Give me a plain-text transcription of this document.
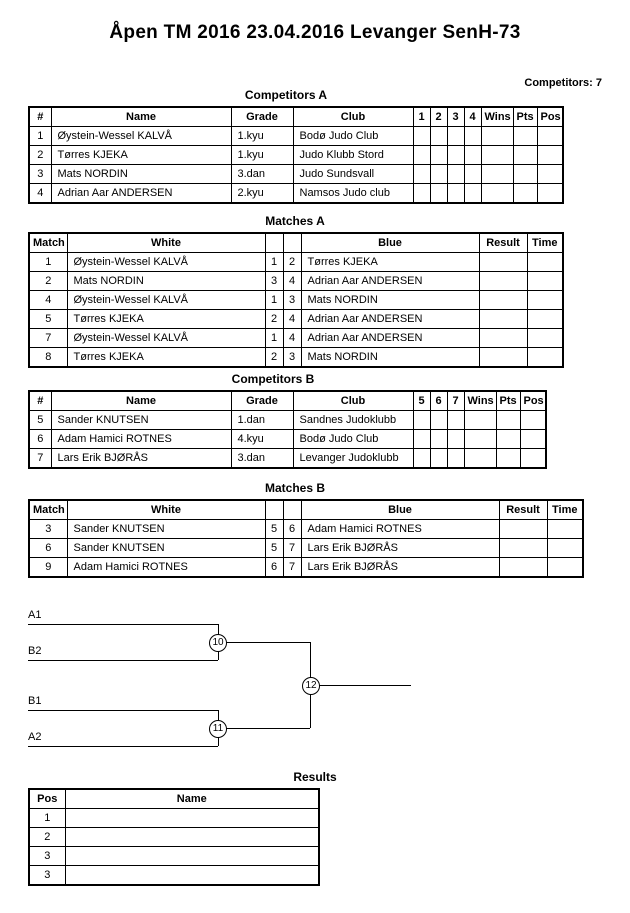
Åpen TM 2016 23.04.2016 Levanger SenH-73
Competitors: 7
Competitors A
#	Name	Grade	Club	1	2	3	4	Wins	Pts	Pos
1	Øystein-Wessel KALVÅ	1.kyu	Bodø Judo Club							
2	Tørres KJEKA	1.kyu	Judo Klubb Stord							
3	Mats NORDIN	3.dan	Judo Sundsvall							
4	Adrian Aar ANDERSEN	2.kyu	Namsos Judo club							
Matches A
Match	White			Blue	Result	Time
1	Øystein-Wessel KALVÅ	1	2	Tørres KJEKA		
2	Mats NORDIN	3	4	Adrian Aar ANDERSEN		
4	Øystein-Wessel KALVÅ	1	3	Mats NORDIN		
5	Tørres KJEKA	2	4	Adrian Aar ANDERSEN		
7	Øystein-Wessel KALVÅ	1	4	Adrian Aar ANDERSEN		
8	Tørres KJEKA	2	3	Mats NORDIN		
Competitors B
#	Name	Grade	Club	5	6	7	Wins	Pts	Pos
5	Sander KNUTSEN	1.dan	Sandnes Judoklubb						
6	Adam Hamici ROTNES	4.kyu	Bodø Judo Club						
7	Lars Erik BJØRÅS	3.dan	Levanger Judoklubb						
Matches B
Match	White			Blue	Result	Time
3	Sander KNUTSEN	5	6	Adam Hamici ROTNES		
6	Sander KNUTSEN	5	7	Lars Erik BJØRÅS		
9	Adam Hamici ROTNES	6	7	Lars Erik BJØRÅS		
A1
B2
10
B1
A2
11
12
Results
Pos	Name
1	
2	
3	
3	
